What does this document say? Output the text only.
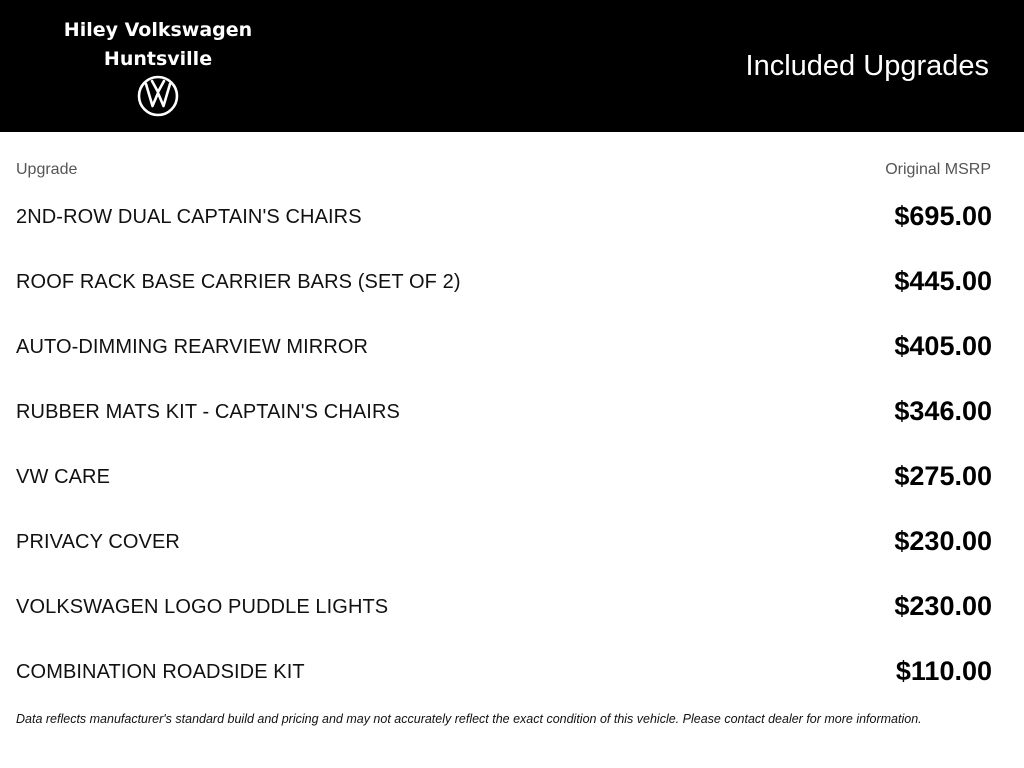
Hiley Volkswagen
Huntsville	Included Upgrades
Upgrade	Original MSRP
2ND-ROW DUAL CAPTAIN'S CHAIRS	$695.00
ROOF RACK BASE CARRIER BARS (SET OF 2)	$445.00
AUTO-DIMMING REARVIEW MIRROR	$405.00
RUBBER MATS KIT - CAPTAIN'S CHAIRS	$346.00
VW CARE	$275.00
PRIVACY COVER	$230.00
VOLKSWAGEN LOGO PUDDLE LIGHTS	$230.00
COMBINATION ROADSIDE KIT	$110.00

Data reflects manufacturer's standard build and pricing and may not accurately reflect the exact condition of this vehicle. Please contact dealer for more information.
